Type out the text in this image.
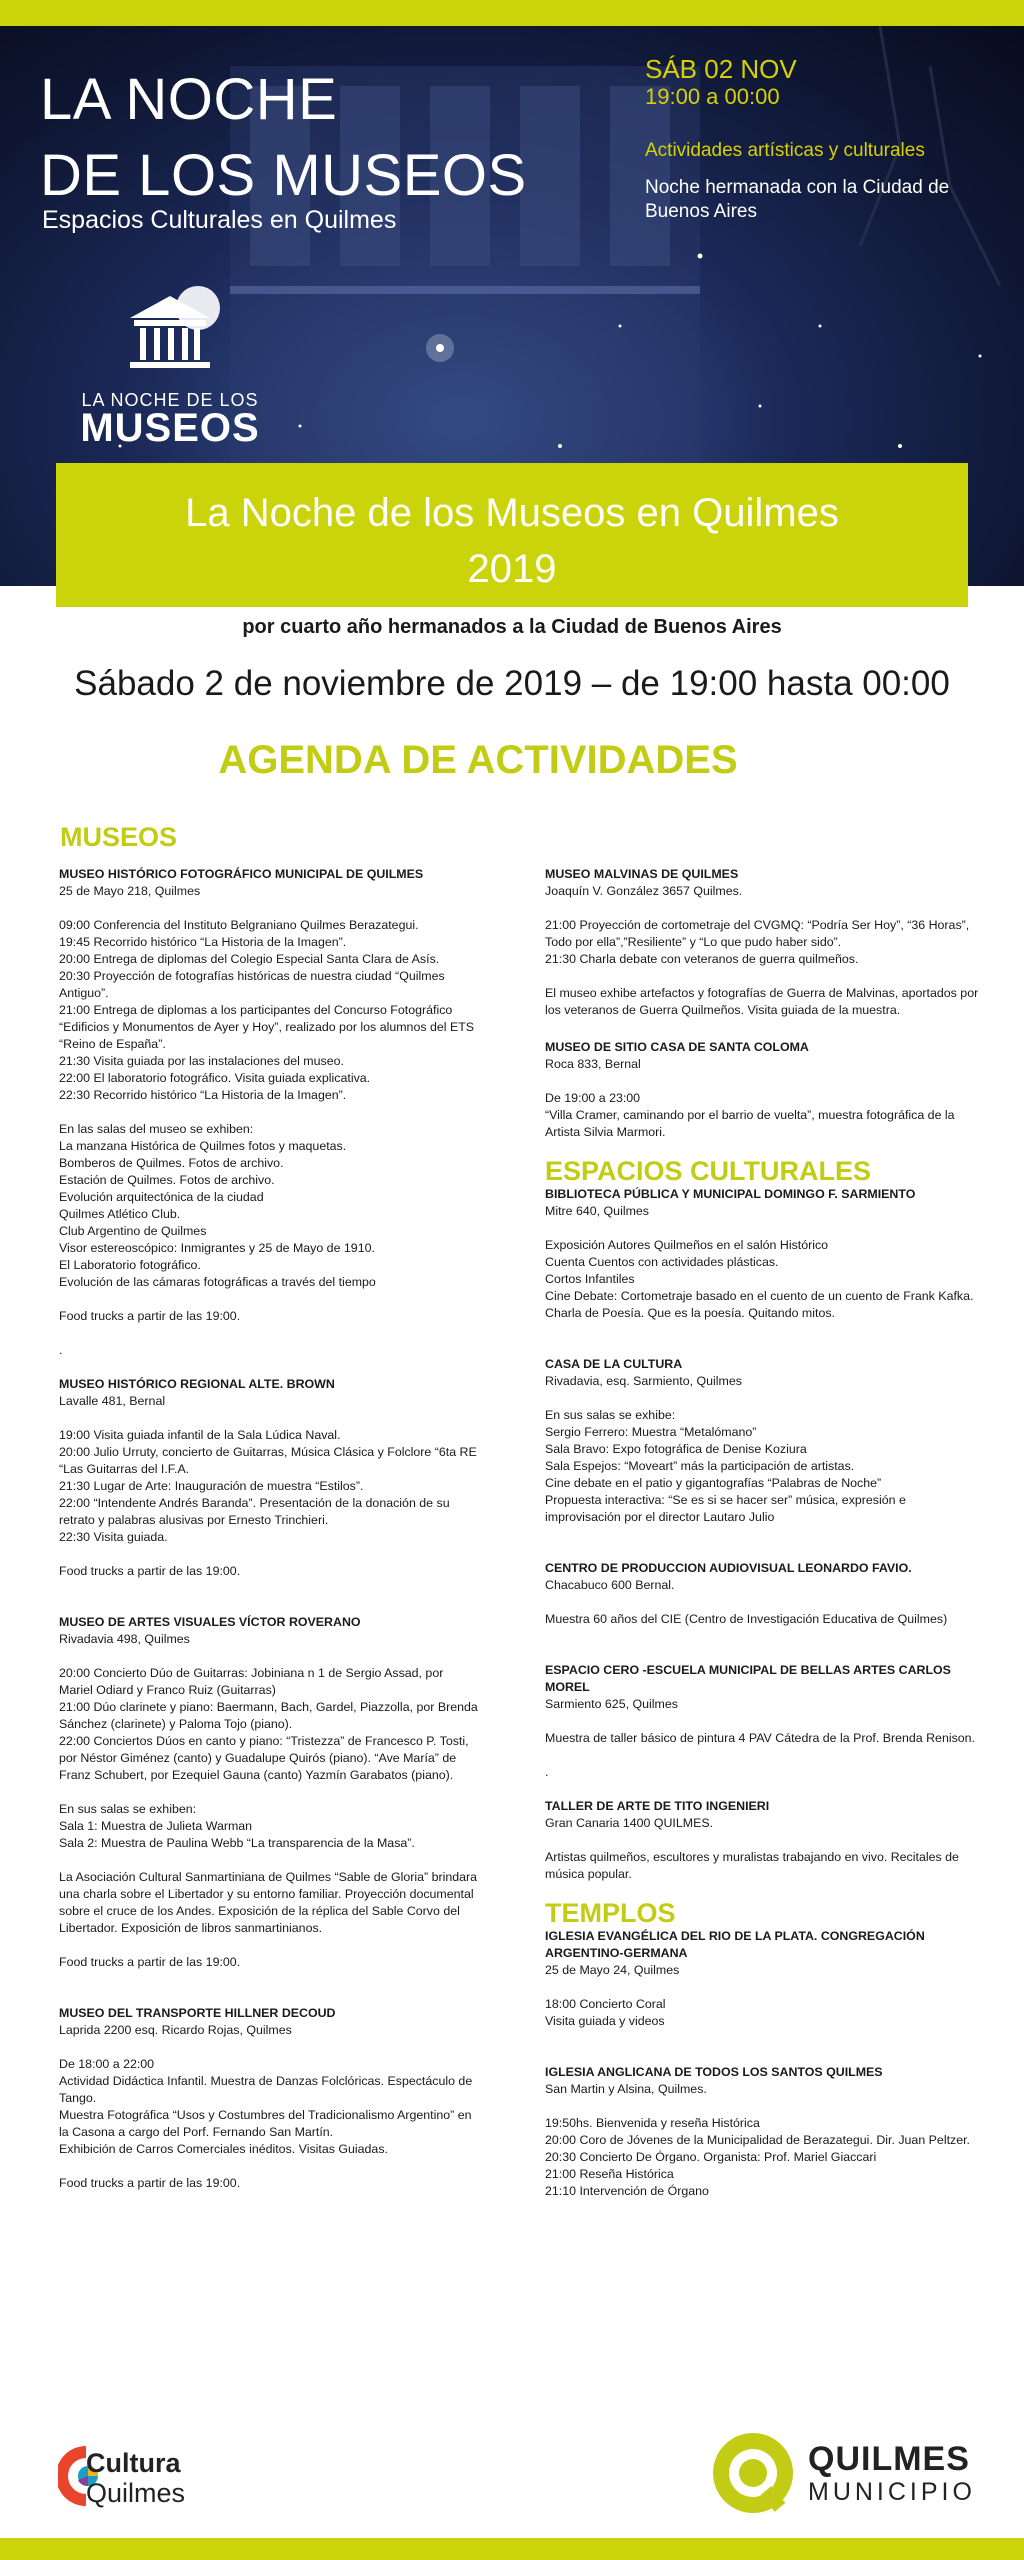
LA NOCHE
DE LOS MUSEOS
Espacios Culturales en Quilmes
SÁB 02 NOV
19:00 a 00:00
Actividades artísticas y culturales
Noche hermanada con la Ciudad de Buenos Aires
LA NOCHE DE LOS
MUSEOS
La Noche de los Museos en Quilmes
2019
por cuarto año hermanados a la Ciudad de Buenos Aires
Sábado 2 de noviembre de 2019 – de 19:00 hasta 00:00
AGENDA DE ACTIVIDADES
MUSEOS

MUSEO HISTÓRICO FOTOGRÁFICO MUNICIPAL DE QUILMES

25 de Mayo 218, Quilmes

09:00 Conferencia del Instituto Belgraniano Quilmes Berazategui.

19:45 Recorrido histórico “La Historia de la Imagen”.

20:00 Entrega de diplomas del Colegio Especial Santa Clara de Asís.

20:30 Proyección de fotografías históricas de nuestra ciudad “Quilmes Antiguo”.

21:00 Entrega de diplomas a los participantes del Concurso Fotográfico “Edificios y Monumentos de Ayer y Hoy”, realizado por los alumnos del ETS “Reino de España”.

21:30 Visita guiada por las instalaciones del museo.

22:00 El laboratorio fotográfico. Visita guiada explicativa.

22:30 Recorrido histórico “La Historia de la Imagen”.

En las salas del museo se exhiben:

La manzana Histórica de Quilmes fotos y maquetas.

Bomberos de Quilmes. Fotos de archivo.

Estación de Quilmes. Fotos de archivo.

Evolución arquitectónica de la ciudad

Quilmes Atlético Club.

Club Argentino de Quilmes

Visor estereoscópico: Inmigrantes y 25 de Mayo de 1910.

El Laboratorio fotográfico.

Evolución de las cámaras fotográficas a través del tiempo

Food trucks a partir de las 19:00.

.

MUSEO HISTÓRICO REGIONAL ALTE. BROWN

Lavalle 481, Bernal

19:00 Visita guiada infantil de la Sala Lúdica Naval.

20:00 Julio Urruty, concierto de Guitarras, Música Clásica y Folclore “6ta RE “Las Guitarras del I.F.A.

21:30 Lugar de Arte: Inauguración de muestra “Estilos”.

22:00 “Intendente Andrés Baranda”. Presentación de la donación de su retrato y palabras alusivas por Ernesto Trinchieri.

22:30 Visita guiada.

Food trucks a partir de las 19:00.

MUSEO DE ARTES VISUALES VÍCTOR ROVERANO

Rivadavia 498, Quilmes

20:00 Concierto Dúo de Guitarras: Jobiniana n 1 de Sergio Assad, por Mariel Odiard y Franco Ruiz (Guitarras)

21:00 Dúo clarinete y piano: Baermann, Bach, Gardel, Piazzolla, por Brenda Sánchez (clarinete) y Paloma Tojo (piano).

22:00 Conciertos Dúos en canto y piano: “Tristezza” de Francesco P. Tosti, por Néstor Giménez (canto) y Guadalupe Quirós (piano). “Ave María” de Franz Schubert, por Ezequiel Gauna (canto) Yazmín Garabatos (piano).

En sus salas se exhiben:

Sala 1: Muestra de Julieta Warman

Sala 2: Muestra de Paulina Webb “La transparencia de la Masa”.

La Asociación Cultural Sanmartiniana de Quilmes “Sable de Gloria” brindara una charla sobre el Libertador y su entorno familiar. Proyección documental sobre el cruce de los Andes. Exposición de la réplica del Sable Corvo del Libertador. Exposición de libros sanmartinianos.

Food trucks a partir de las 19:00.

MUSEO DEL TRANSPORTE HILLNER DECOUD

Laprida 2200 esq. Ricardo Rojas, Quilmes

De 18:00 a 22:00

Actividad Didáctica Infantil. Muestra de Danzas Folclóricas. Espectáculo de Tango.

Muestra Fotográfica “Usos y Costumbres del Tradicionalismo Argentino” en la Casona a cargo del Porf. Fernando San Martín.

Exhibición de Carros Comerciales inéditos. Visitas Guiadas.

Food trucks a partir de las 19:00.

MUSEO MALVINAS DE QUILMES

Joaquín V. González 3657 Quilmes.

21:00 Proyección de cortometraje del CVGMQ: “Podría Ser Hoy”, “36 Horas”, Todo por ella”,”Resiliente” y “Lo que pudo haber sido”.

21:30 Charla debate con veteranos de guerra quilmeños.

El museo exhibe artefactos y fotografías de Guerra de Malvinas, aportados por los veteranos de Guerra Quilmeños. Visita guiada de la muestra.

MUSEO DE SITIO CASA DE SANTA COLOMA

Roca 833, Bernal

De 19:00 a 23:00

“Villa Cramer, caminando por el barrio de vuelta”, muestra fotográfica de la Artista Silvia Marmori.

ESPACIOS CULTURALES

BIBLIOTECA PÚBLICA Y MUNICIPAL DOMINGO F. SARMIENTO

Mitre 640, Quilmes

Exposición Autores Quilmeños en el salón Histórico

Cuenta Cuentos con actividades plásticas.

Cortos Infantiles

Cine Debate: Cortometraje basado en el cuento de un cuento de Frank Kafka.

Charla de Poesía. Que es la poesía. Quitando mitos.

CASA DE LA CULTURA

Rivadavia, esq. Sarmiento, Quilmes

En sus salas se exhibe:

Sergio Ferrero: Muestra “Metalómano”

Sala Bravo: Expo fotográfica de Denise Koziura

Sala Espejos: “Moveart” más la participación de artistas.

Cine debate en el patio y gigantografías “Palabras de Noche”

Propuesta interactiva: “Se es si se hacer ser” música, expresión e improvisación por el director Lautaro Julio

CENTRO DE PRODUCCION AUDIOVISUAL LEONARDO FAVIO.

Chacabuco 600 Bernal.

Muestra 60 años del CIE (Centro de Investigación Educativa de Quilmes)

ESPACIO CERO -ESCUELA MUNICIPAL DE BELLAS ARTES CARLOS MOREL

Sarmiento 625, Quilmes

Muestra de taller básico de pintura 4 PAV Cátedra de la Prof. Brenda Renison.

.

TALLER DE ARTE DE TITO INGENIERI

Gran Canaria 1400 QUILMES.

Artistas quilmeños, escultores y muralistas trabajando en vivo. Recitales de música popular.

TEMPLOS

IGLESIA EVANGÉLICA DEL RIO DE LA PLATA. CONGREGACIÓN ARGENTINO-GERMANA

25 de Mayo 24, Quilmes

18:00 Concierto Coral

Visita guiada y videos

IGLESIA ANGLICANA DE TODOS LOS SANTOS QUILMES

San Martin y Alsina, Quilmes.

19:50hs. Bienvenida y reseña Histórica

20:00 Coro de Jóvenes de la Municipalidad de Berazategui. Dir. Juan Peltzer.

20:30 Concierto De Órgano. Organista: Prof. Mariel Giaccari

21:00 Reseña Histórica

21:10 Intervención de Órgano

Cultura
Quilmes
QUILMES
MUNICIPIO
